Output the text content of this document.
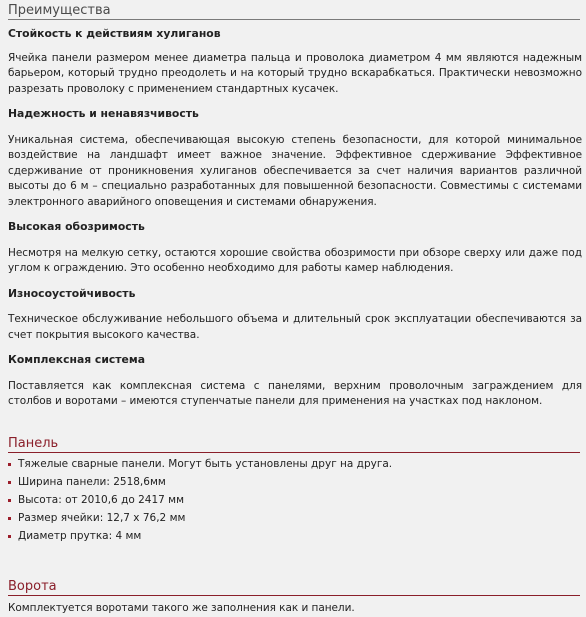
Преимущества
Стойкость к действиям хулиганов

Ячейка панели размером менее диаметра пальца и проволока диаметром 4 мм являются надежным барьером, который трудно преодолеть и на который трудно вскарабкаться. Практически невозможно разрезать проволоку с применением стандартных кусачек.

Надежность и ненавязчивость

Уникальная система, обеспечивающая высокую степень безопасности, для которой минимальное воздействие на ландшафт имеет важное значение. Эффективное сдерживание Эффективное сдерживание от проникновения хулиганов обеспечивается за счет наличия вариантов различной высоты до 6 м – специально разработанных для повышенной безопасности. Совместимы с системами электронного аварийного оповещения и системами обнаружения.

Высокая обозримость

Несмотря на мелкую сетку, остаются хорошие свойства обозримости при обзоре сверху или даже под углом к ограждению. Это особенно необходимо для работы камер наблюдения.

Износоустойчивость

Техническое обслуживание небольшого объема и длительный срок эксплуатации обеспечиваются за счет покрытия высокого качества.

Комплексная система

Поставляется как комплексная система с панелями, верхним проволочным заграждением для столбов и воротами – имеются ступенчатые панели для применения на участках под наклоном.

Панель
Тяжелые сварные панели. Могут быть установлены друг на друга.
Ширина панели: 2518,6мм
Высота: от 2010,6 до 2417 мм
Размер ячейки: 12,7 х 76,2 мм
Диаметр прутка: 4 мм
Ворота

Комплектуется воротами такого же заполнения как и панели.
